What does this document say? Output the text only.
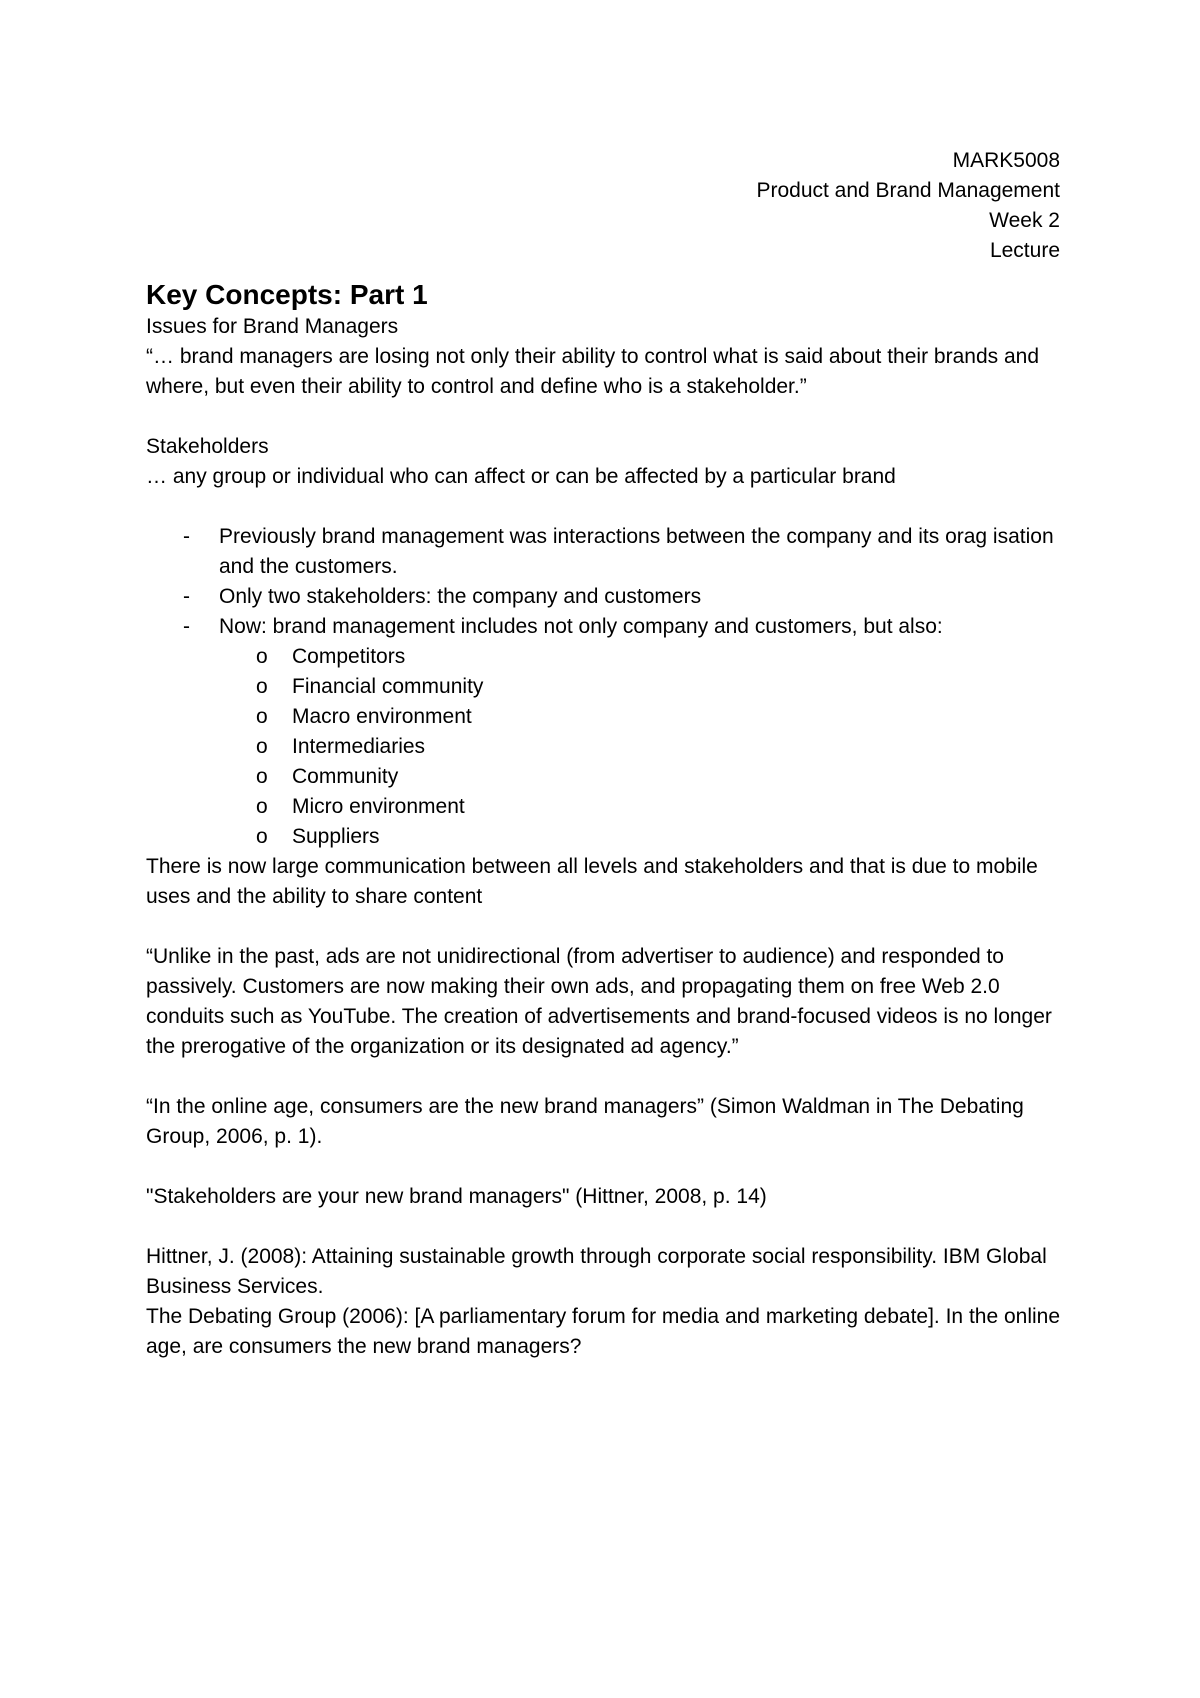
MARK5008
Product and Brand Management
Week 2
Lecture
Key Concepts: Part 1

Issues for Brand Managers

“… brand managers are losing not only their ability to control what is said about their brands and where, but even their ability to control and define who is a stakeholder.”

Stakeholders

… any group or individual who can affect or can be affected by a particular brand

- Previously brand management was interactions between the company and its orag isation and the customers.
- Only two stakeholders: the company and customers
- Now: brand management includes not only company and customers, but also:
o Competitors
o Financial community
o Macro environment
o Intermediaries
o Community
o Micro environment
o Suppliers

There is now large communication between all levels and stakeholders and that is due to mobile uses and the ability to share content

“Unlike in the past, ads are not unidirectional (from advertiser to audience) and responded to passively. Customers are now making their own ads, and propagating them on free Web 2.0 conduits such as YouTube. The creation of advertisements and brand-focused videos is no longer the prerogative of the organization or its designated ad agency.”

“In the online age, consumers are the new brand managers” (Simon Waldman in The Debating Group, 2006, p. 1).

"Stakeholders are your new brand managers" (Hittner, 2008, p. 14)

Hittner, J. (2008): Attaining sustainable growth through corporate social responsibility. IBM Global Business Services.

The Debating Group (2006): [A parliamentary forum for media and marketing debate]. In the online age, are consumers the new brand managers?
